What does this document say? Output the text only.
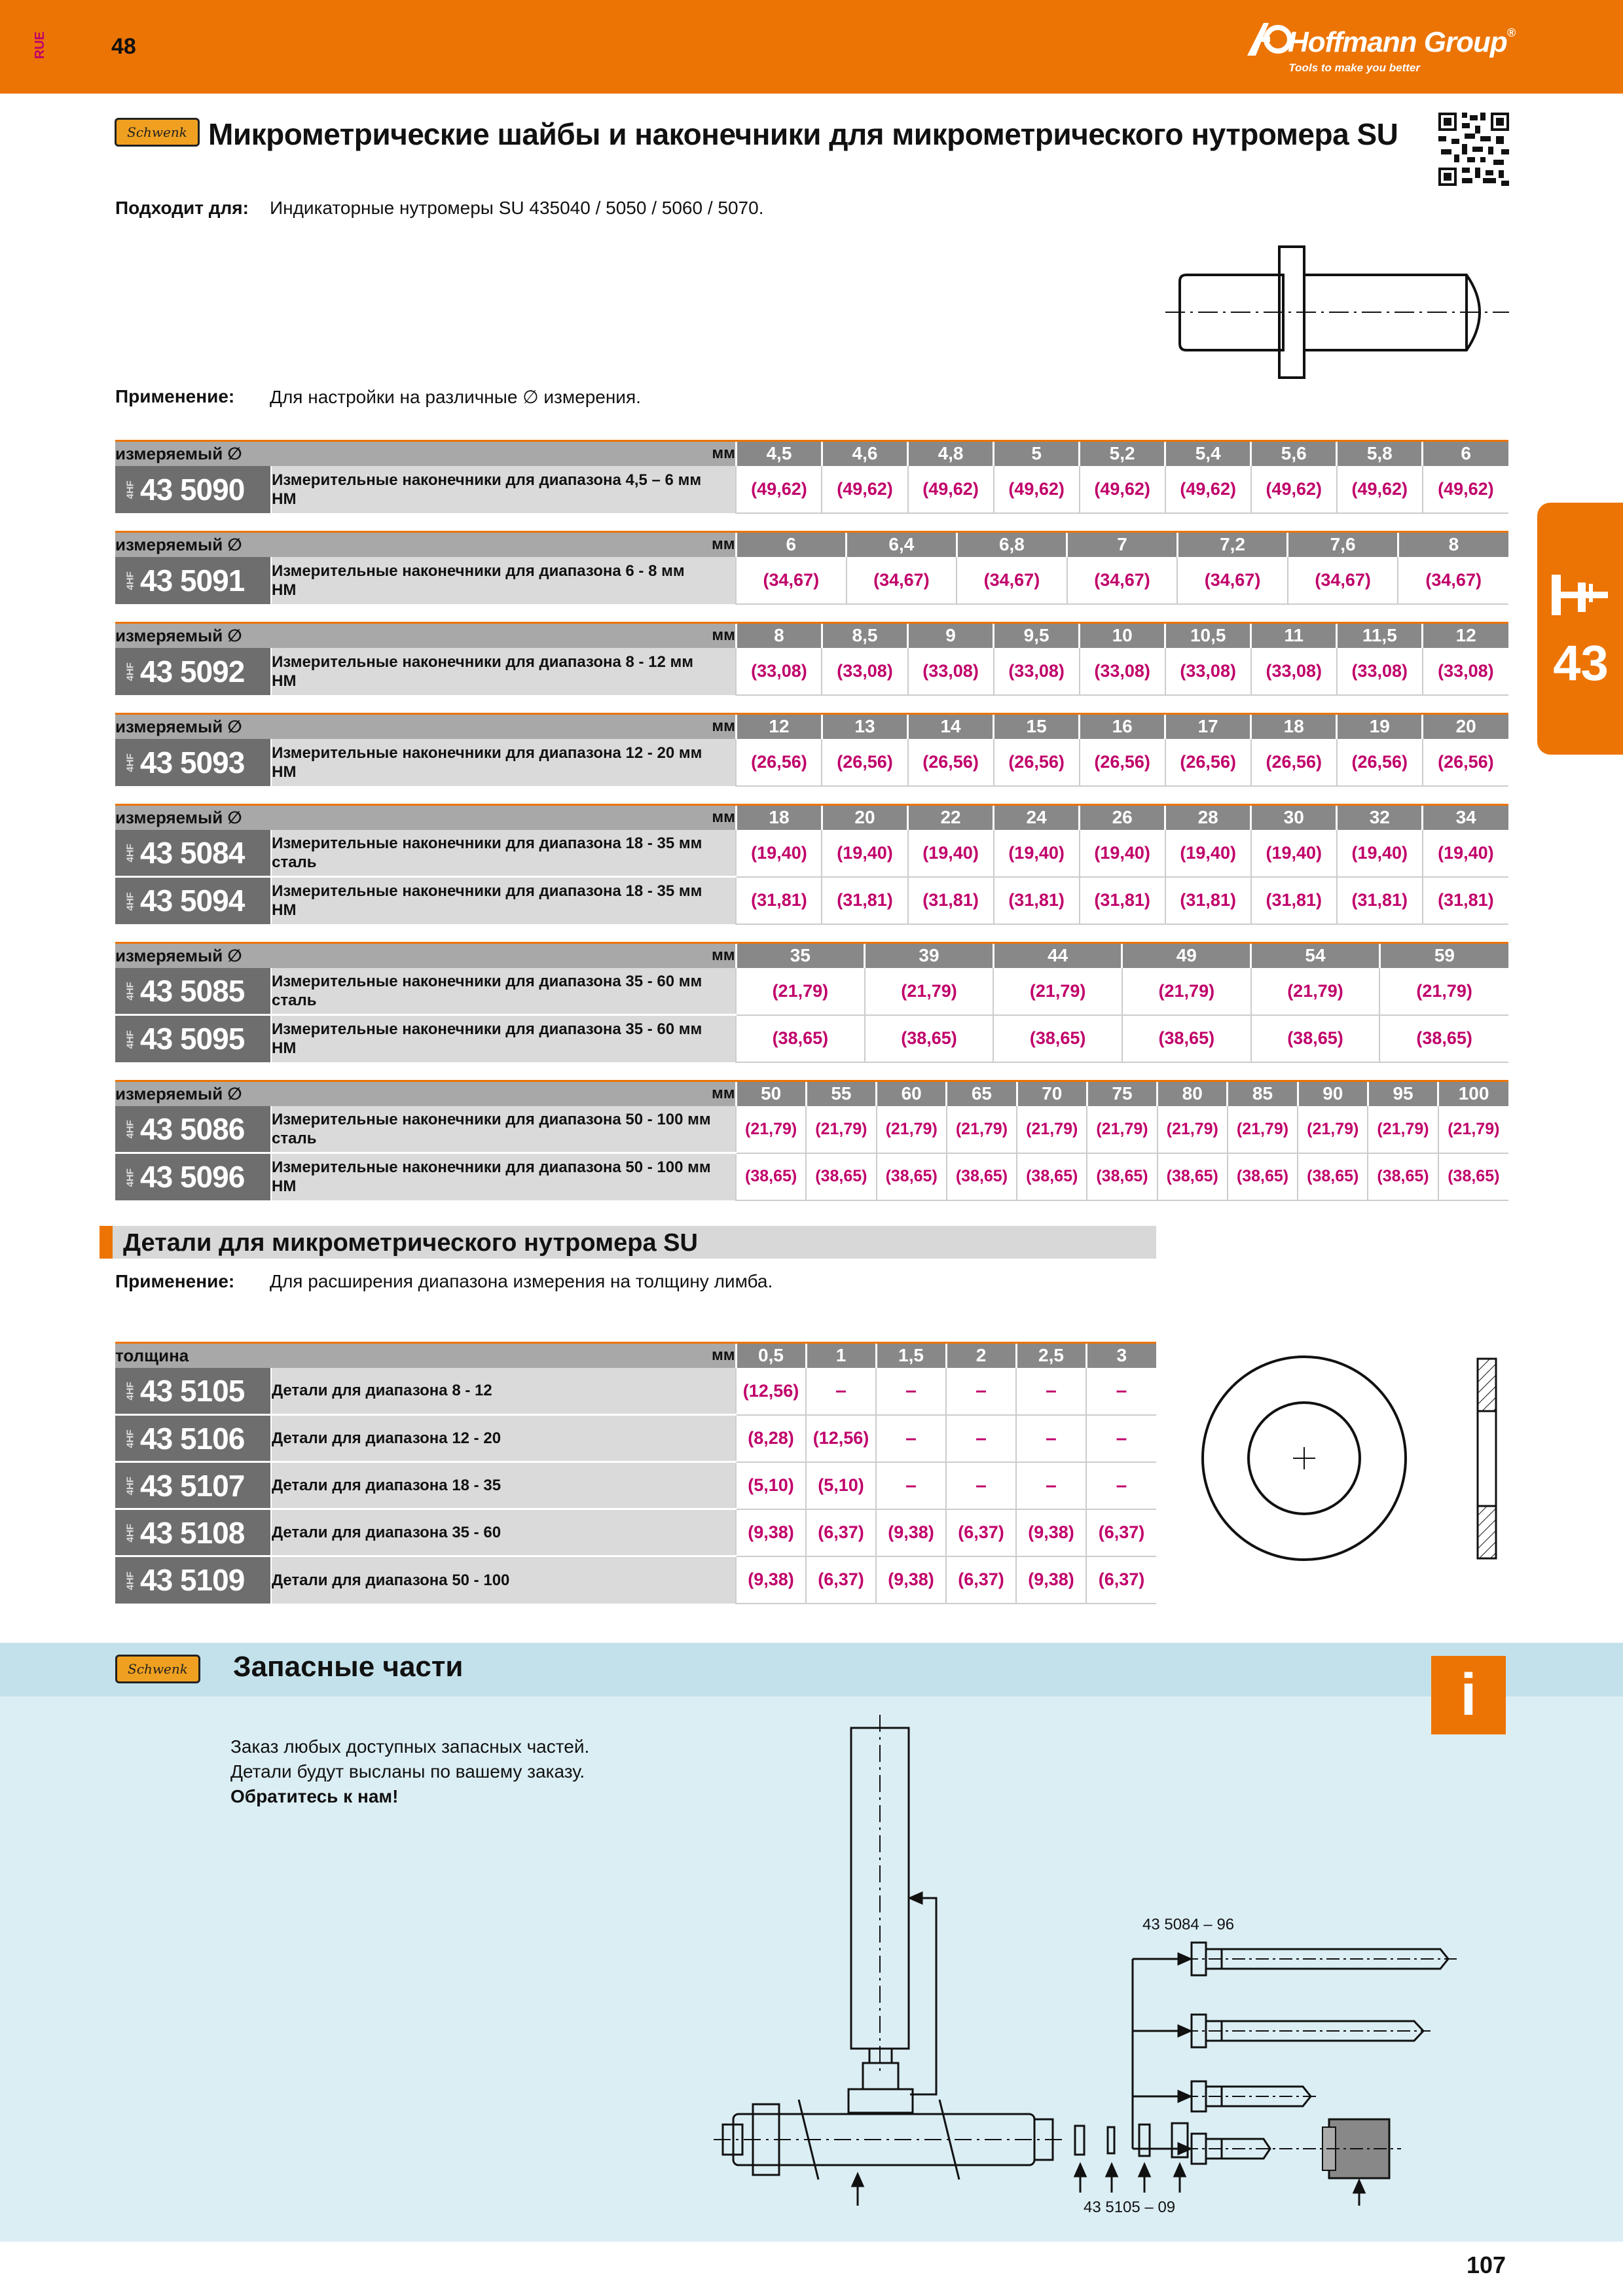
RUE	48	Hoffmann Group®
Tools to make you better
Schwenk Микрометрические шайбы и наконечники для микрометрического нутромера SU
Подходит для: Индикаторные нутромеры SU 435040 / 5050 / 5060 / 5070.
Применение: Для настройки на различные ∅ измерения.
43
измеряемый ∅	мм	4,5	4,6	4,8	5	5,2	5,4	5,6	5,8	6
4HF 43 5090	Измерительные наконечники для диапазона 4,5 – 6 мм
HM	(49,62)	(49,62)	(49,62)	(49,62)	(49,62)	(49,62)	(49,62)	(49,62)	(49,62)
измеряемый ∅	мм	6	6,4	6,8	7	7,2	7,6	8
4HF 43 5091	Измерительные наконечники для диапазона 6 - 8 мм
HM	(34,67)	(34,67)	(34,67)	(34,67)	(34,67)	(34,67)	(34,67)
измеряемый ∅	мм	8	8,5	9	9,5	10	10,5	11	11,5	12
4HF 43 5092	Измерительные наконечники для диапазона 8 - 12 мм
HM	(33,08)	(33,08)	(33,08)	(33,08)	(33,08)	(33,08)	(33,08)	(33,08)	(33,08)
измеряемый ∅	мм	12	13	14	15	16	17	18	19	20
4HF 43 5093	Измерительные наконечники для диапазона 12 - 20 мм
HM	(26,56)	(26,56)	(26,56)	(26,56)	(26,56)	(26,56)	(26,56)	(26,56)	(26,56)
измеряемый ∅	мм	18	20	22	24	26	28	30	32	34
4HF 43 5084	Измерительные наконечники для диапазона 18 - 35 мм
сталь	(19,40)	(19,40)	(19,40)	(19,40)	(19,40)	(19,40)	(19,40)	(19,40)	(19,40)
4HF 43 5094	Измерительные наконечники для диапазона 18 - 35 мм
HM	(31,81)	(31,81)	(31,81)	(31,81)	(31,81)	(31,81)	(31,81)	(31,81)	(31,81)
измеряемый ∅	мм	35	39	44	49	54	59
4HF 43 5085	Измерительные наконечники для диапазона 35 - 60 мм
сталь	(21,79)	(21,79)	(21,79)	(21,79)	(21,79)	(21,79)
4HF 43 5095	Измерительные наконечники для диапазона 35 - 60 мм
HM	(38,65)	(38,65)	(38,65)	(38,65)	(38,65)	(38,65)
измеряемый ∅	мм	50	55	60	65	70	75	80	85	90	95	100
4HF 43 5086	Измерительные наконечники для диапазона 50 - 100 мм
сталь	(21,79)	(21,79)	(21,79)	(21,79)	(21,79)	(21,79)	(21,79)	(21,79)	(21,79)	(21,79)	(21,79)
4HF 43 5096	Измерительные наконечники для диапазона 50 - 100 мм
HM	(38,65)	(38,65)	(38,65)	(38,65)	(38,65)	(38,65)	(38,65)	(38,65)	(38,65)	(38,65)	(38,65)
Детали для микрометрического нутромера SU
Применение: Для расширения диапазона измерения на толщину лимба.
толщина	мм	0,5	1	1,5	2	2,5	3
4HF 43 5105	Детали для диапазона 8 - 12	(12,56)	–	–	–	–	–
4HF 43 5106	Детали для диапазона 12 - 20	(8,28)	(12,56)	–	–	–	–
4HF 43 5107	Детали для диапазона 18 - 35	(5,10)	(5,10)	–	–	–	–
4HF 43 5108	Детали для диапазона 35 - 60	(9,38)	(6,37)	(9,38)	(6,37)	(9,38)	(6,37)
4HF 43 5109	Детали для диапазона 50 - 100	(9,38)	(6,37)	(9,38)	(6,37)	(9,38)	(6,37)
Schwenk	Запасные части	i
Заказ любых доступных запасных частей.
Детали будут высланы по вашему заказу.
Обратитесь к нам!
43 5105 – 09
43 5084 – 96
107
